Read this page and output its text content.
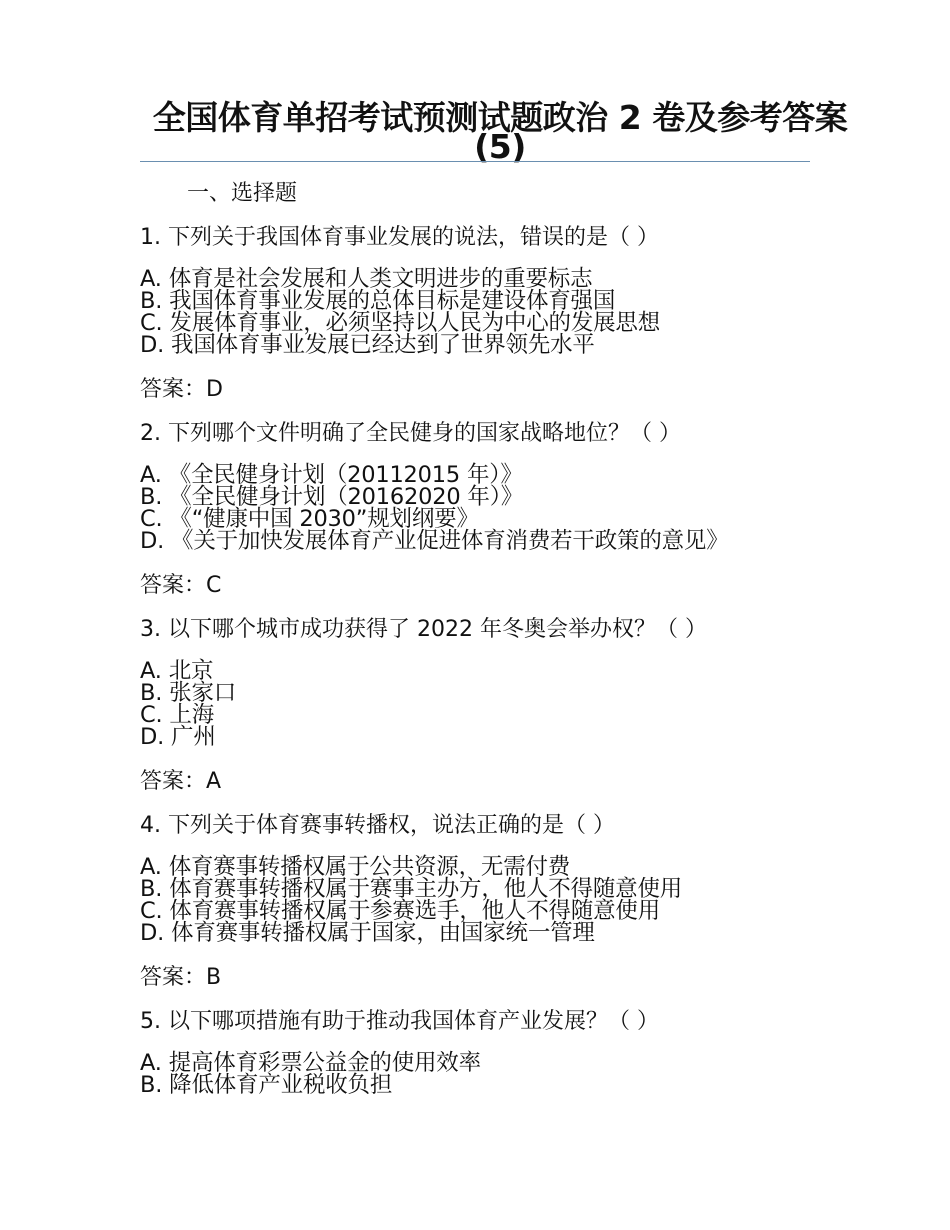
全国体育单招考试预测试题政治 2 卷及参考答案(5)
一、选择题
1. 下列关于我国体育事业发展的说法，错误的是（ ）
A. 体育是社会发展和人类文明进步的重要标志
B. 我国体育事业发展的总体目标是建设体育强国
C. 发展体育事业，必须坚持以人民为中心的发展思想
D. 我国体育事业发展已经达到了世界领先水平
答案：D
2. 下列哪个文件明确了全民健身的国家战略地位？（ ）
A. 《全民健身计划（20112015 年）》
B. 《全民健身计划（20162020 年）》
C. 《“健康中国 2030”规划纲要》
D. 《关于加快发展体育产业促进体育消费若干政策的意见》
答案：C
3. 以下哪个城市成功获得了 2022 年冬奥会举办权？（ ）
A. 北京
B. 张家口
C. 上海
D. 广州
答案：A
4. 下列关于体育赛事转播权，说法正确的是（ ）
A. 体育赛事转播权属于公共资源，无需付费
B. 体育赛事转播权属于赛事主办方，他人不得随意使用
C. 体育赛事转播权属于参赛选手，他人不得随意使用
D. 体育赛事转播权属于国家，由国家统一管理
答案：B
5. 以下哪项措施有助于推动我国体育产业发展？（ ）
A. 提高体育彩票公益金的使用效率
B. 降低体育产业税收负担
